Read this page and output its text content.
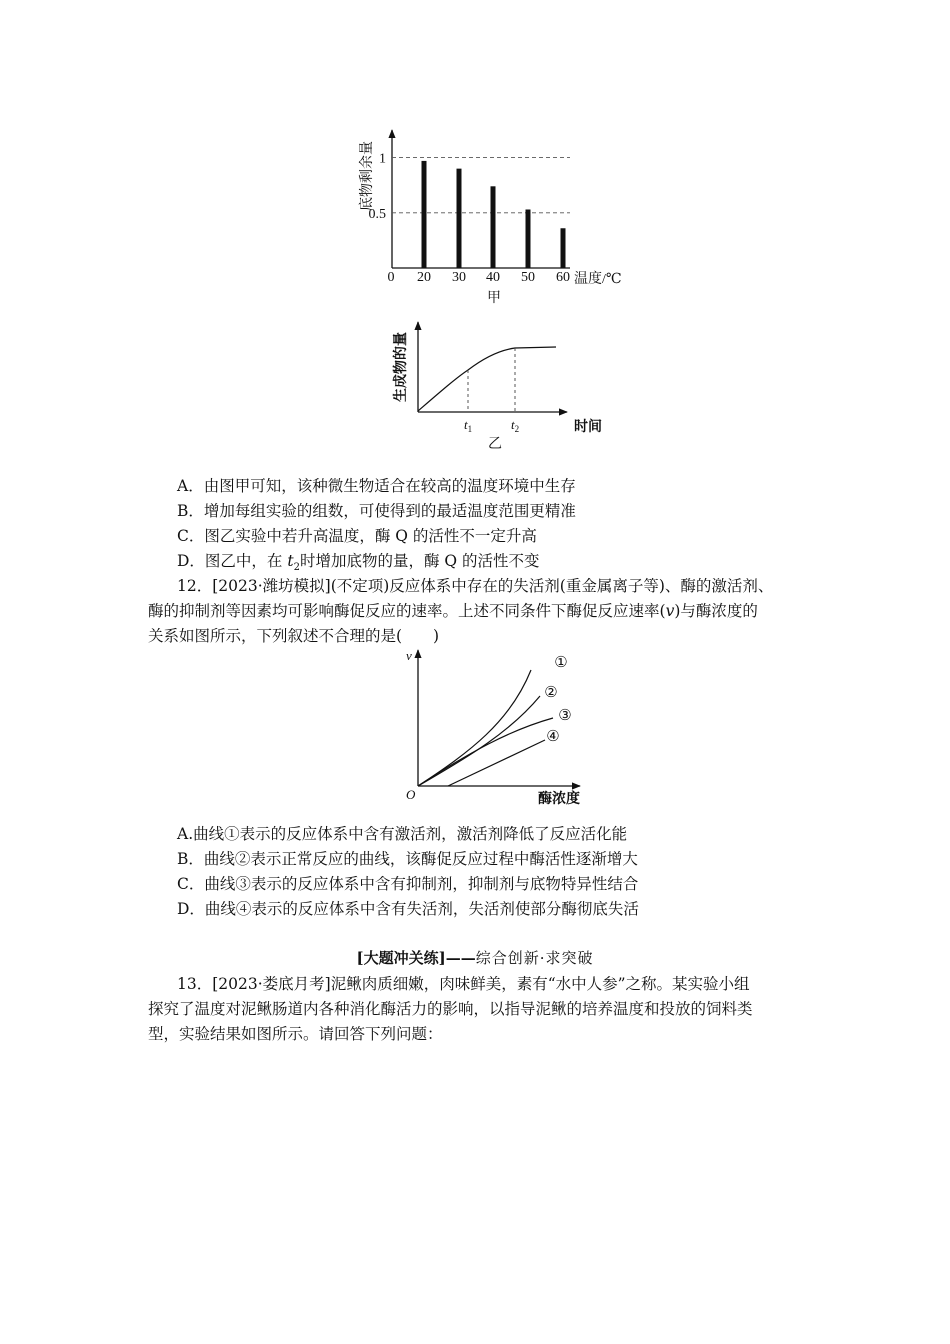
1
0.5
20 30 40 50 60
0	温度/℃
底物剩余量
甲
$t_1$	$t_2$	时间
生成物的量
乙
A．由图甲可知，该种微生物适合在较高的温度环境中生存
B．增加每组实验的组数，可使得到的最适温度范围更精准
C．图乙实验中若升高温度，酶 Q 的活性不一定升高
D．图乙中，在 $t_2$时增加底物的量，酶 Q 的活性不变
12．[2023·潍坊模拟](不定项)反应体系中存在的失活剂(重金属离子等)、酶的激活剂、
酶的抑制剂等因素均可影响酶促反应的速率。上述不同条件下酶促反应速率(v)与酶浓度的
关系如图所示，下列叙述不合理的是(　　)
①
②
③
④
v
O	酶浓度
A.曲线①表示的反应体系中含有激活剂，激活剂降低了反应活化能
B．曲线②表示正常反应的曲线，该酶促反应过程中酶活性逐渐增大
C．曲线③表示的反应体系中含有抑制剂，抑制剂与底物特异性结合
D．曲线④表示的反应体系中含有失活剂，失活剂使部分酶彻底失活
[大题冲关练]——综合创新·求突破
13．[2023·娄底月考]泥鳅肉质细嫩，肉味鲜美，素有“水中人参”之称。某实验小组
探究了温度对泥鳅肠道内各种消化酶活力的影响，以指导泥鳅的培养温度和投放的饲料类
型，实验结果如图所示。请回答下列问题：
